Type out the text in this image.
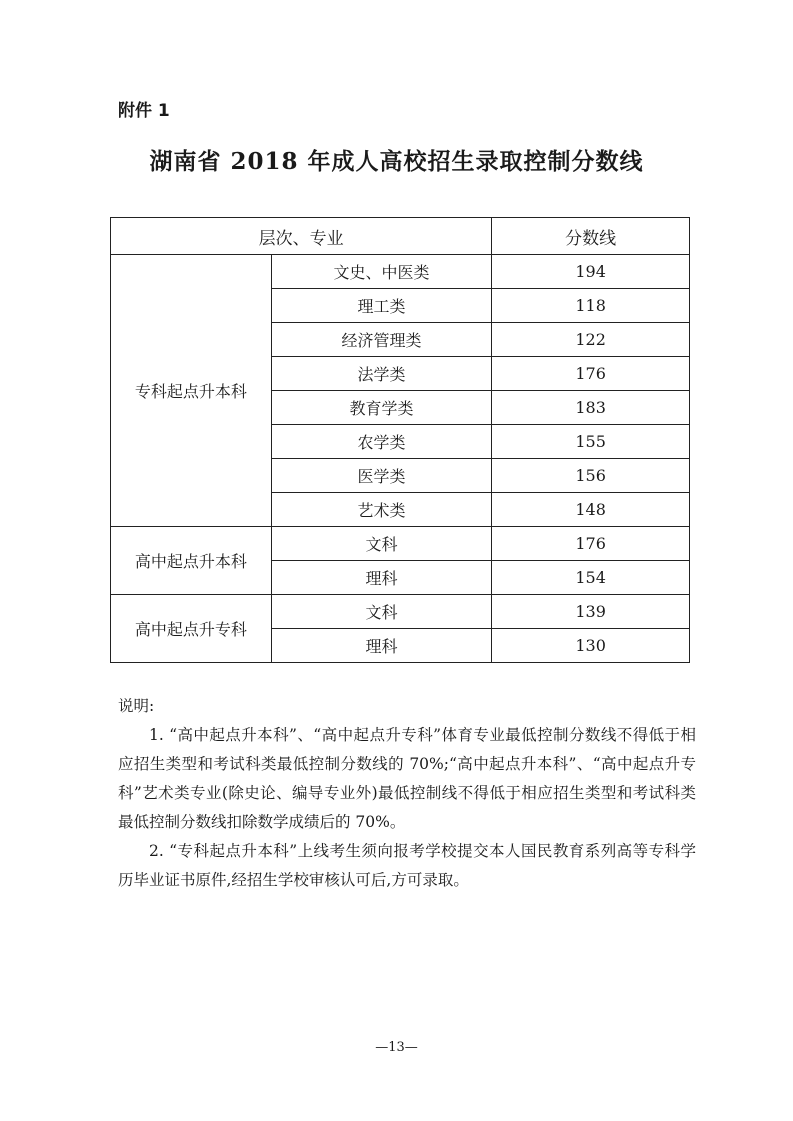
附件 1
湖南省 2018 年成人高校招生录取控制分数线
层次、专业		分数线
专科起点升本科	文史、中医类	194
	理工类	118
	经济管理类	122
	法学类	176
	教育学类	183
	农学类	155
	医学类	156
	艺术类	148
高中起点升本科	文科	176
	理科	154
高中起点升专科	文科	139
	理科	130
说明:

1. “高中起点升本科”、“高中起点升专科”体育专业最低控制分数线不得低于相应招生类型和考试科类最低控制分数线的 70%;“高中起点升本科”、“高中起点升专科”艺术类专业(除史论、编导专业外)最低控制线不得低于相应招生类型和考试科类最低控制分数线扣除数学成绩后的 70%。

2. “专科起点升本科”上线考生须向报考学校提交本人国民教育系列高等专科学历毕业证书原件,经招生学校审核认可后,方可录取。

—13—
